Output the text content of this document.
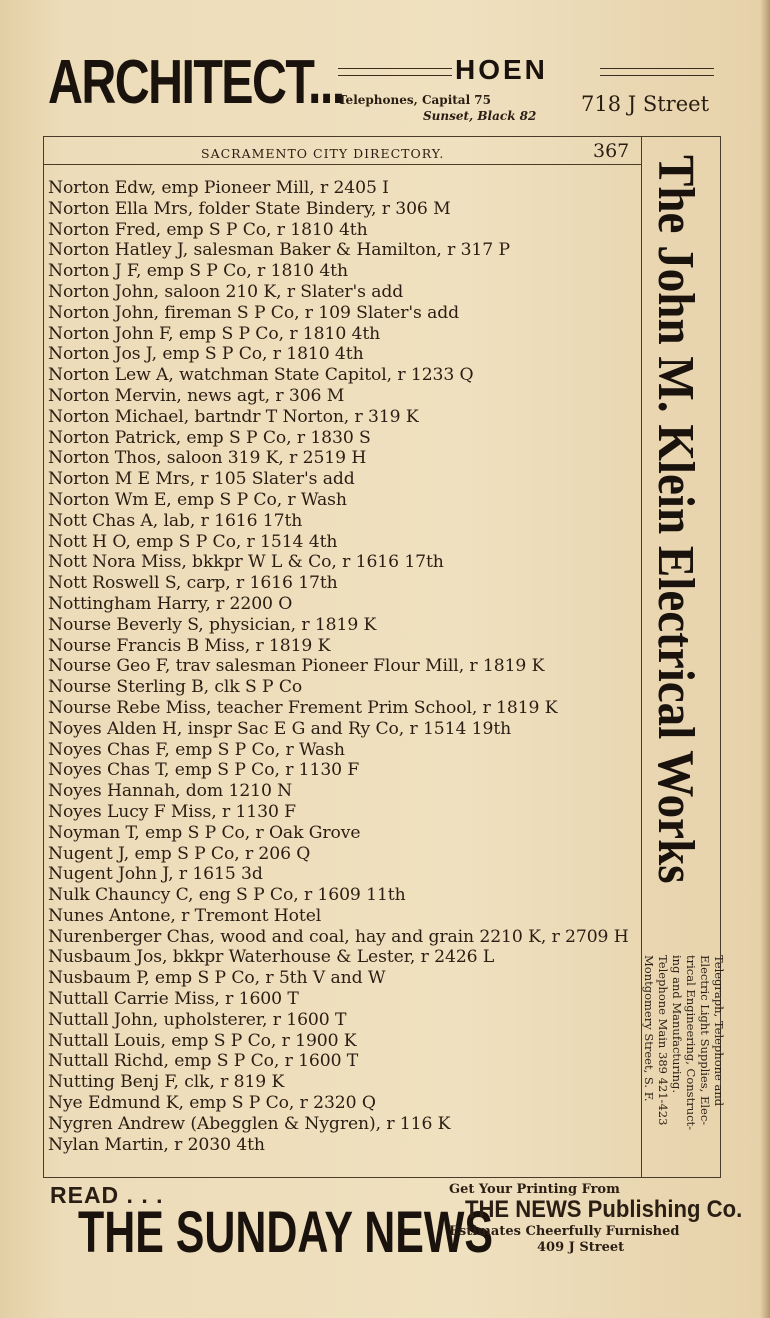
ARCHITECT...	HOEN
Telephones, Capital 75
Sunset, Black 82 718 J Street
SACRAMENTO CITY DIRECTORY.	367
Norton Edw, emp Pioneer Mill, r 2405 I
Norton Ella Mrs, folder State Bindery, r 306 M
Norton Fred, emp S P Co, r 1810 4th
Norton Hatley J, salesman Baker & Hamilton, r 317 P
Norton J F, emp S P Co, r 1810 4th
Norton John, saloon 210 K, r Slater's add
Norton John, fireman S P Co, r 109 Slater's add
Norton John F, emp S P Co, r 1810 4th
Norton Jos J, emp S P Co, r 1810 4th
Norton Lew A, watchman State Capitol, r 1233 Q
Norton Mervin, news agt, r 306 M
Norton Michael, bartndr T Norton, r 319 K
Norton Patrick, emp S P Co, r 1830 S
Norton Thos, saloon 319 K, r 2519 H
Norton M E Mrs, r 105 Slater's add
Norton Wm E, emp S P Co, r Wash
Nott Chas A, lab, r 1616 17th
Nott H O, emp S P Co, r 1514 4th
Nott Nora Miss, bkkpr W L & Co, r 1616 17th
Nott Roswell S, carp, r 1616 17th
Nottingham Harry, r 2200 O
Nourse Beverly S, physician, r 1819 K
Nourse Francis B Miss, r 1819 K
Nourse Geo F, trav salesman Pioneer Flour Mill, r 1819 K
Nourse Sterling B, clk S P Co
Nourse Rebe Miss, teacher Frement Prim School, r 1819 K
Noyes Alden H, inspr Sac E G and Ry Co, r 1514 19th
Noyes Chas F, emp S P Co, r Wash
Noyes Chas T, emp S P Co, r 1130 F
Noyes Hannah, dom 1210 N
Noyes Lucy F Miss, r 1130 F
Noyman T, emp S P Co, r Oak Grove
Nugent J, emp S P Co, r 206 Q
Nugent John J, r 1615 3d
Nulk Chauncy C, eng S P Co, r 1609 11th
Nunes Antone, r Tremont Hotel
Nurenberger Chas, wood and coal, hay and grain 2210 K, r 2709 H
Nusbaum Jos, bkkpr Waterhouse & Lester, r 2426 L
Nusbaum P, emp S P Co, r 5th V and W
Nuttall Carrie Miss, r 1600 T
Nuttall John, upholsterer, r 1600 T
Nuttall Louis, emp S P Co, r 1900 K
Nuttall Richd, emp S P Co, r 1600 T
Nutting Benj F, clk, r 819 K
Nye Edmund K, emp S P Co, r 2320 Q
Nygren Andrew (Abegglen & Nygren), r 116 K
Nylan Martin, r 2030 4th
The John M. Klein Electrical Works
Telegraph, Telephone and
Electric Light Supplies, Elec-
trical Engineering, Construct-
ing and Manufacturing.
Telephone Main 389 421-423
Montgomery Street, S. F.
READ . . .
THE SUNDAY NEWS
Get Your Printing From
THE NEWS Publishing Co.
Estimates Cheerfully Furnished
409 J Street
